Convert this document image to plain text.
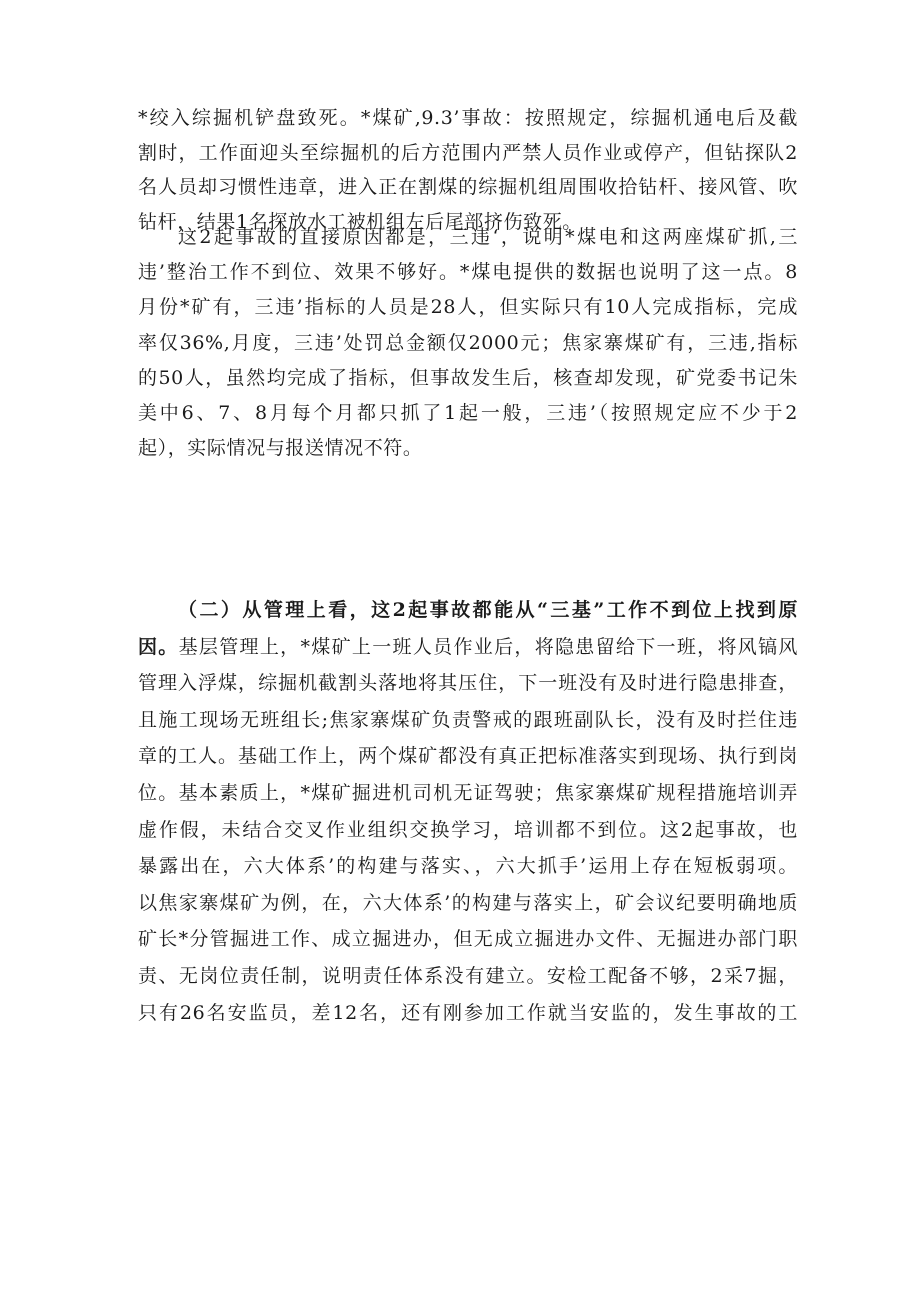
*绞入综掘机铲盘致死。*煤矿,9.3’事故：按照规定，综掘机通电后及截
割时，工作面迎头至综掘机的后方范围内严禁人员作业或停产，但钻探队2
名人员却习惯性违章，进入正在割煤的综掘机组周围收拾钻杆、接风管、吹
钻杆，结果1名探放水工被机组左后尾部挤伤致死。
这2起事故的直接原因都是，三违‘，说明*煤电和这两座煤矿抓,三
违’整治工作不到位、效果不够好。*煤电提供的数据也说明了这一点。8
月份*矿有，三违’指标的人员是28人，但实际只有10人完成指标，完成
率仅36%,月度，三违’处罚总金额仅2000元；焦家寨煤矿有，三违,指标
的50人，虽然均完成了指标，但事故发生后，核查却发现，矿党委书记朱
美中6、7、8月每个月都只抓了1起一般，三违’（按照规定应不少于2
起），实际情况与报送情况不符。
（二）从管理上看，这2起事故都能从“三基”工作不到位上找到原
因。基层管理上，*煤矿上一班人员作业后，将隐患留给下一班，将风镐风
管理入浮煤，综掘机截割头落地将其压住，下一班没有及时进行隐患排查，
且施工现场无班组长;焦家寨煤矿负责警戒的跟班副队长，没有及时拦住违
章的工人。基础工作上，两个煤矿都没有真正把标准落实到现场、执行到岗
位。基本素质上，*煤矿掘进机司机无证驾驶；焦家寨煤矿规程措施培训弄
虚作假，未结合交叉作业组织交换学习，培训都不到位。这2起事故，也
暴露出在，六大体系’的构建与落实、，六大抓手’运用上存在短板弱项。
以焦家寨煤矿为例，在，六大体系’的构建与落实上，矿会议纪要明确地质
矿长*分管掘进工作、成立掘进办，但无成立掘进办文件、无掘进办部门职
责、无岗位责任制，说明责任体系没有建立。安检工配备不够，2采7掘，
只有26名安监员，差12名，还有刚参加工作就当安监的，发生事故的工
